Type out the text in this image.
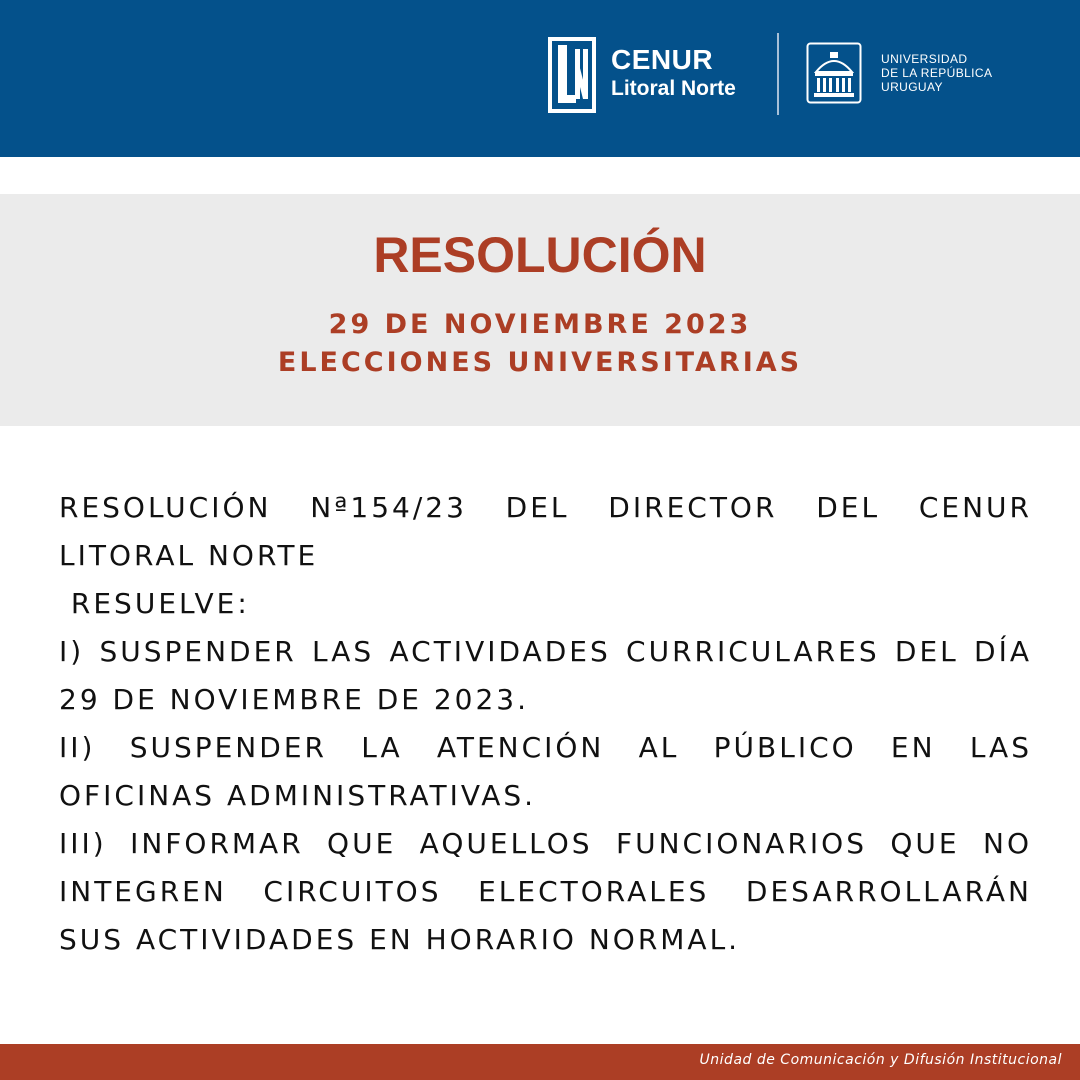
CENUR
Litoral Norte
UNIVERSIDAD
DE LA REPÚBLICA
URUGUAY
RESOLUCIÓN
29 DE NOVIEMBRE 2023
ELECCIONES UNIVERSITARIAS

RESOLUCIÓN Nª154/23 DEL DIRECTOR DEL CENUR LITORAL NORTE

RESUELVE:

I) SUSPENDER LAS ACTIVIDADES CURRICULARES DEL DÍA 29 DE NOVIEMBRE DE 2023.

II) SUSPENDER LA ATENCIÓN AL PÚBLICO EN LAS OFICINAS ADMINISTRATIVAS.

III) INFORMAR QUE AQUELLOS FUNCIONARIOS QUE NO INTEGREN CIRCUITOS ELECTORALES DESARROLLARÁN SUS ACTIVIDADES EN HORARIO NORMAL.

Unidad de Comunicación y Difusión Institucional
